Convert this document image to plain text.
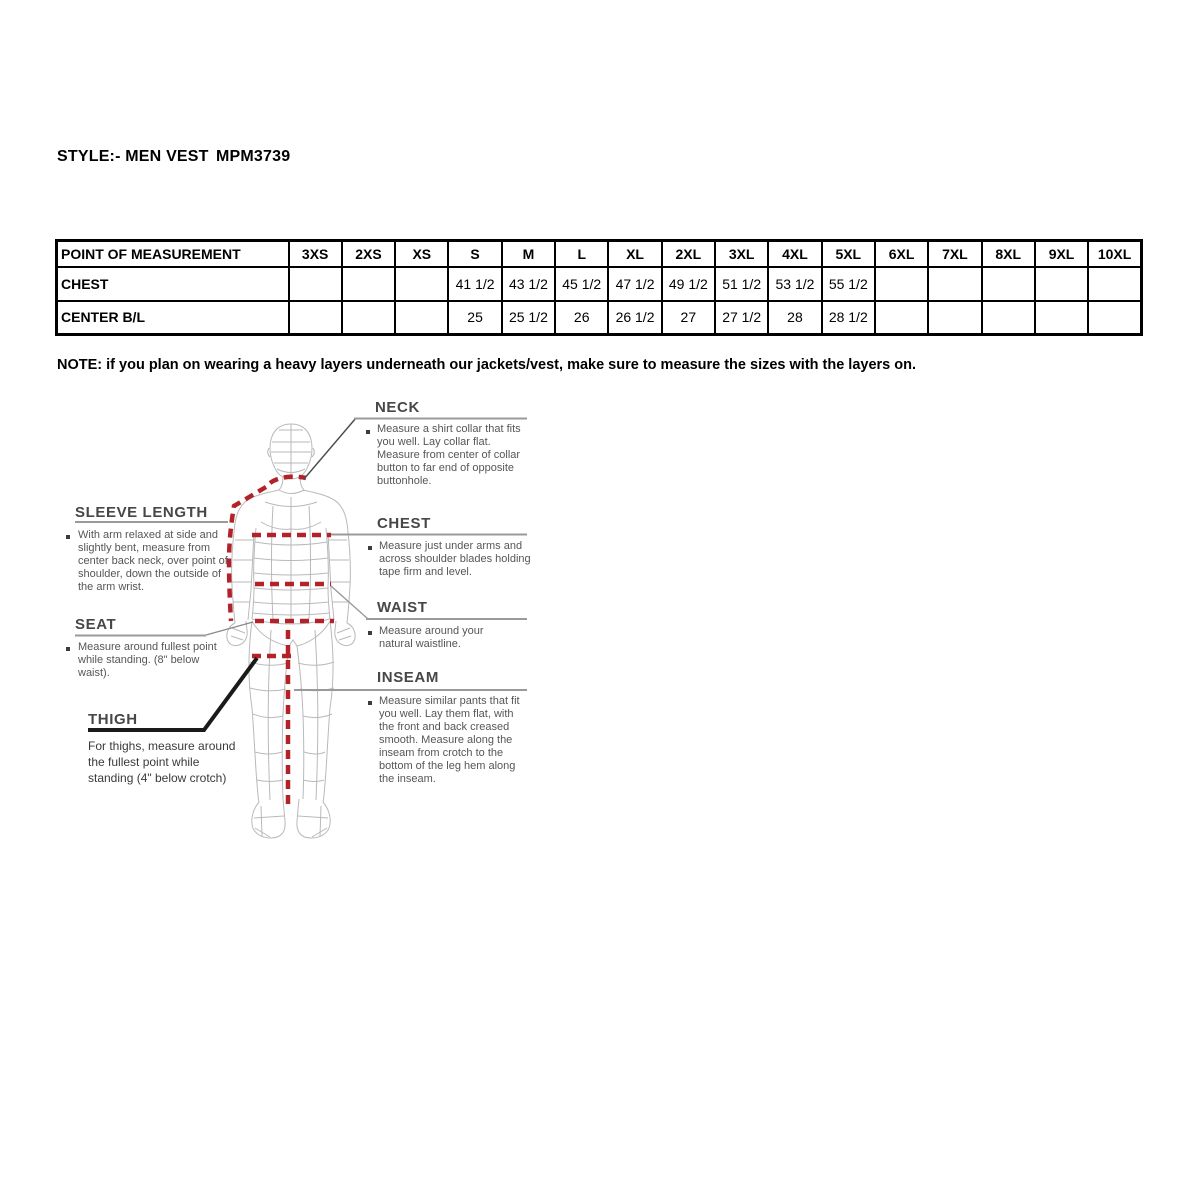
STYLE:- MEN VEST MPM3739
POINT OF MEASUREMENT	3XS	2XS	XS	S	M	L	XL	2XL	3XL	4XL	5XL	6XL	7XL	8XL	9XL	10XL
CHEST				41 1/2	43 1/2	45 1/2	47 1/2	49 1/2	51 1/2	53 1/2	55 1/2					
CENTER B/L				25	25 1/2	26	26 1/2	27	27 1/2	28	28 1/2					
NOTE: if you plan on wearing a heavy layers underneath our jackets/vest, make sure to measure the sizes with the layers on.
NECK
Measure a shirt collar that fits you well. Lay collar flat. Measure from center of collar button to far end of opposite buttonhole.
SLEEVE LENGTH
With arm relaxed at side and slightly bent, measure from center back neck, over point of shoulder, down the outside of the arm wrist.
CHEST
Measure just under arms and across shoulder blades holding tape firm and level.
WAIST
Measure around your natural waistline.
SEAT
Measure around fullest point while standing. (8" below waist).	INSEAM
Measure similar pants that fit you well. Lay them flat, with the front and back creased smooth. Measure along the inseam from crotch to the bottom of the leg hem along the inseam.
THIGH
For thighs, measure around the fullest point while standing (4" below crotch)
